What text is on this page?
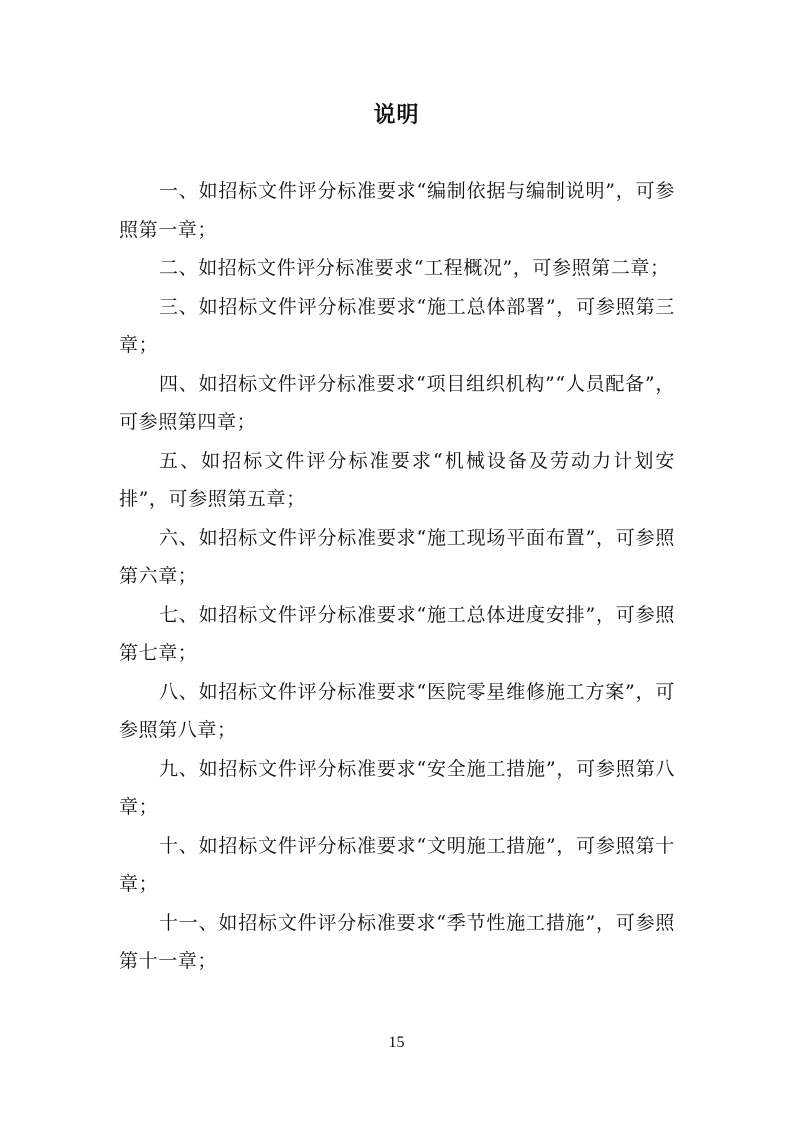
说明

一、如招标文件评分标准要求“编制依据与编制说明”，可参照第一章；

二、如招标文件评分标准要求“工程概况”，可参照第二章；

三、如招标文件评分标准要求“施工总体部署”，可参照第三章；

四、如招标文件评分标准要求“项目组织机构”“人员配备”，可参照第四章；

五、如招标文件评分标准要求“机械设备及劳动力计划安排”，可参照第五章；

六、如招标文件评分标准要求“施工现场平面布置”，可参照第六章；

七、如招标文件评分标准要求“施工总体进度安排”，可参照第七章；

八、如招标文件评分标准要求“医院零星维修施工方案”，可参照第八章；

九、如招标文件评分标准要求“安全施工措施”，可参照第八章；

十、如招标文件评分标准要求“文明施工措施”，可参照第十章；

十一、如招标文件评分标准要求“季节性施工措施”，可参照第十一章；

15
